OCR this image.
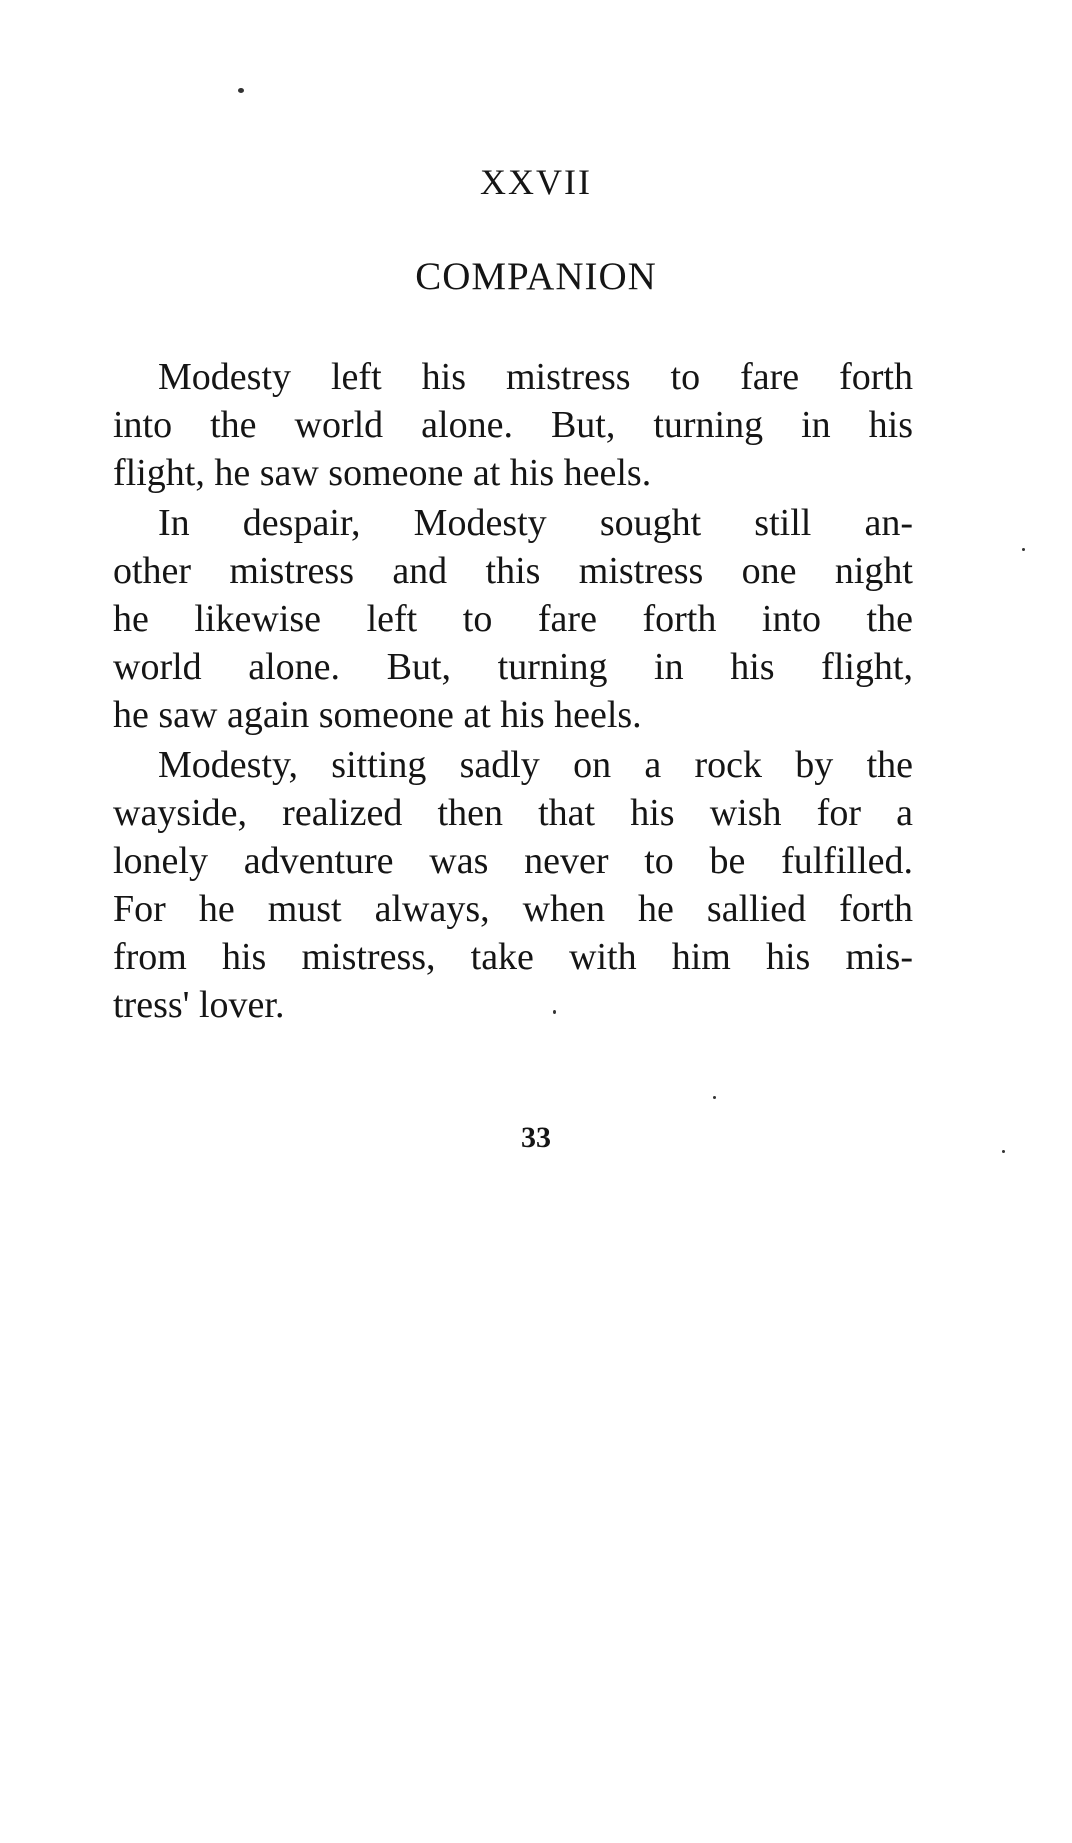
XXVII
COMPANION
Modesty left his mistress to fare forth
into the world alone. But, turning in his
flight, he saw someone at his heels.
In despair, Modesty sought still an-
other mistress and this mistress one night
he likewise left to fare forth into the
world alone. But, turning in his flight,
he saw again someone at his heels.
Modesty, sitting sadly on a rock by the
wayside, realized then that his wish for a
lonely adventure was never to be fulfilled.
For he must always, when he sallied forth
from his mistress, take with him his mis-
tress' lover.
33
